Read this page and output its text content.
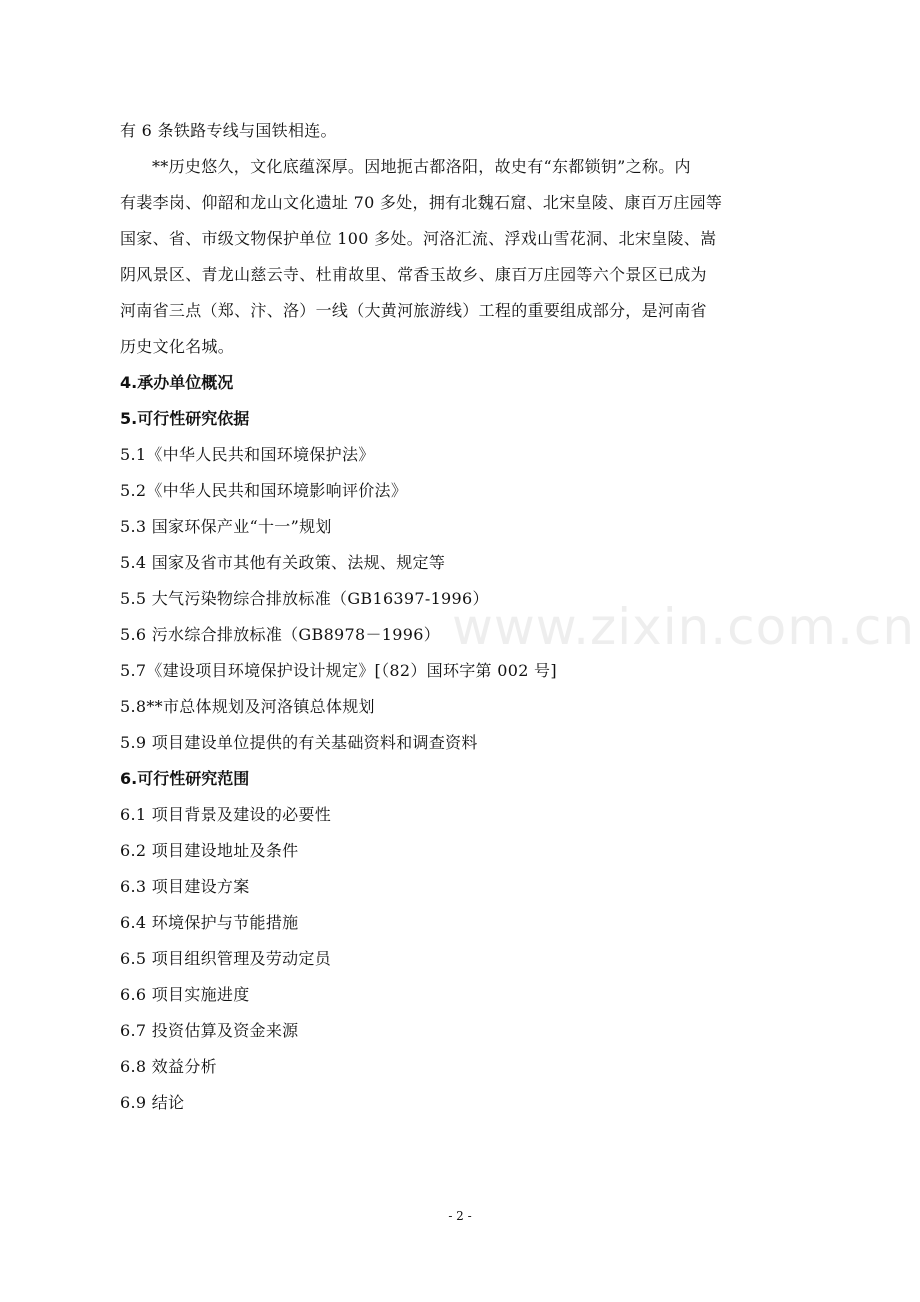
有 6 条铁路专线与国铁相连。
**历史悠久，文化底蕴深厚。因地扼古都洛阳，故史有“东都锁钥”之称。内
有裴李岗、仰韶和龙山文化遗址 70 多处，拥有北魏石窟、北宋皇陵、康百万庄园等
国家、省、市级文物保护单位 100 多处。河洛汇流、浮戏山雪花洞、北宋皇陵、嵩
阴风景区、青龙山慈云寺、杜甫故里、常香玉故乡、康百万庄园等六个景区已成为
河南省三点（郑、汴、洛）一线（大黄河旅游线）工程的重要组成部分，是河南省
历史文化名城。
4.承办单位概况
5.可行性研究依据
5.1《中华人民共和国环境保护法》
5.2《中华人民共和国环境影响评价法》
5.3 国家环保产业“十一”规划
5.4 国家及省市其他有关政策、法规、规定等
5.5 大气污染物综合排放标准（GB16397-1996）
5.6 污水综合排放标准（GB8978－1996）
5.7《建设项目环境保护设计规定》[（82）国环字第 002 号]
5.8**市总体规划及河洛镇总体规划
5.9 项目建设单位提供的有关基础资料和调查资料
6.可行性研究范围
6.1 项目背景及建设的必要性
6.2 项目建设地址及条件
6.3 项目建设方案
6.4 环境保护与节能措施
6.5 项目组织管理及劳动定员
6.6 项目实施进度
6.7 投资估算及资金来源
6.8 效益分析
6.9 结论
www.zixin.com.cn
- 2 -
